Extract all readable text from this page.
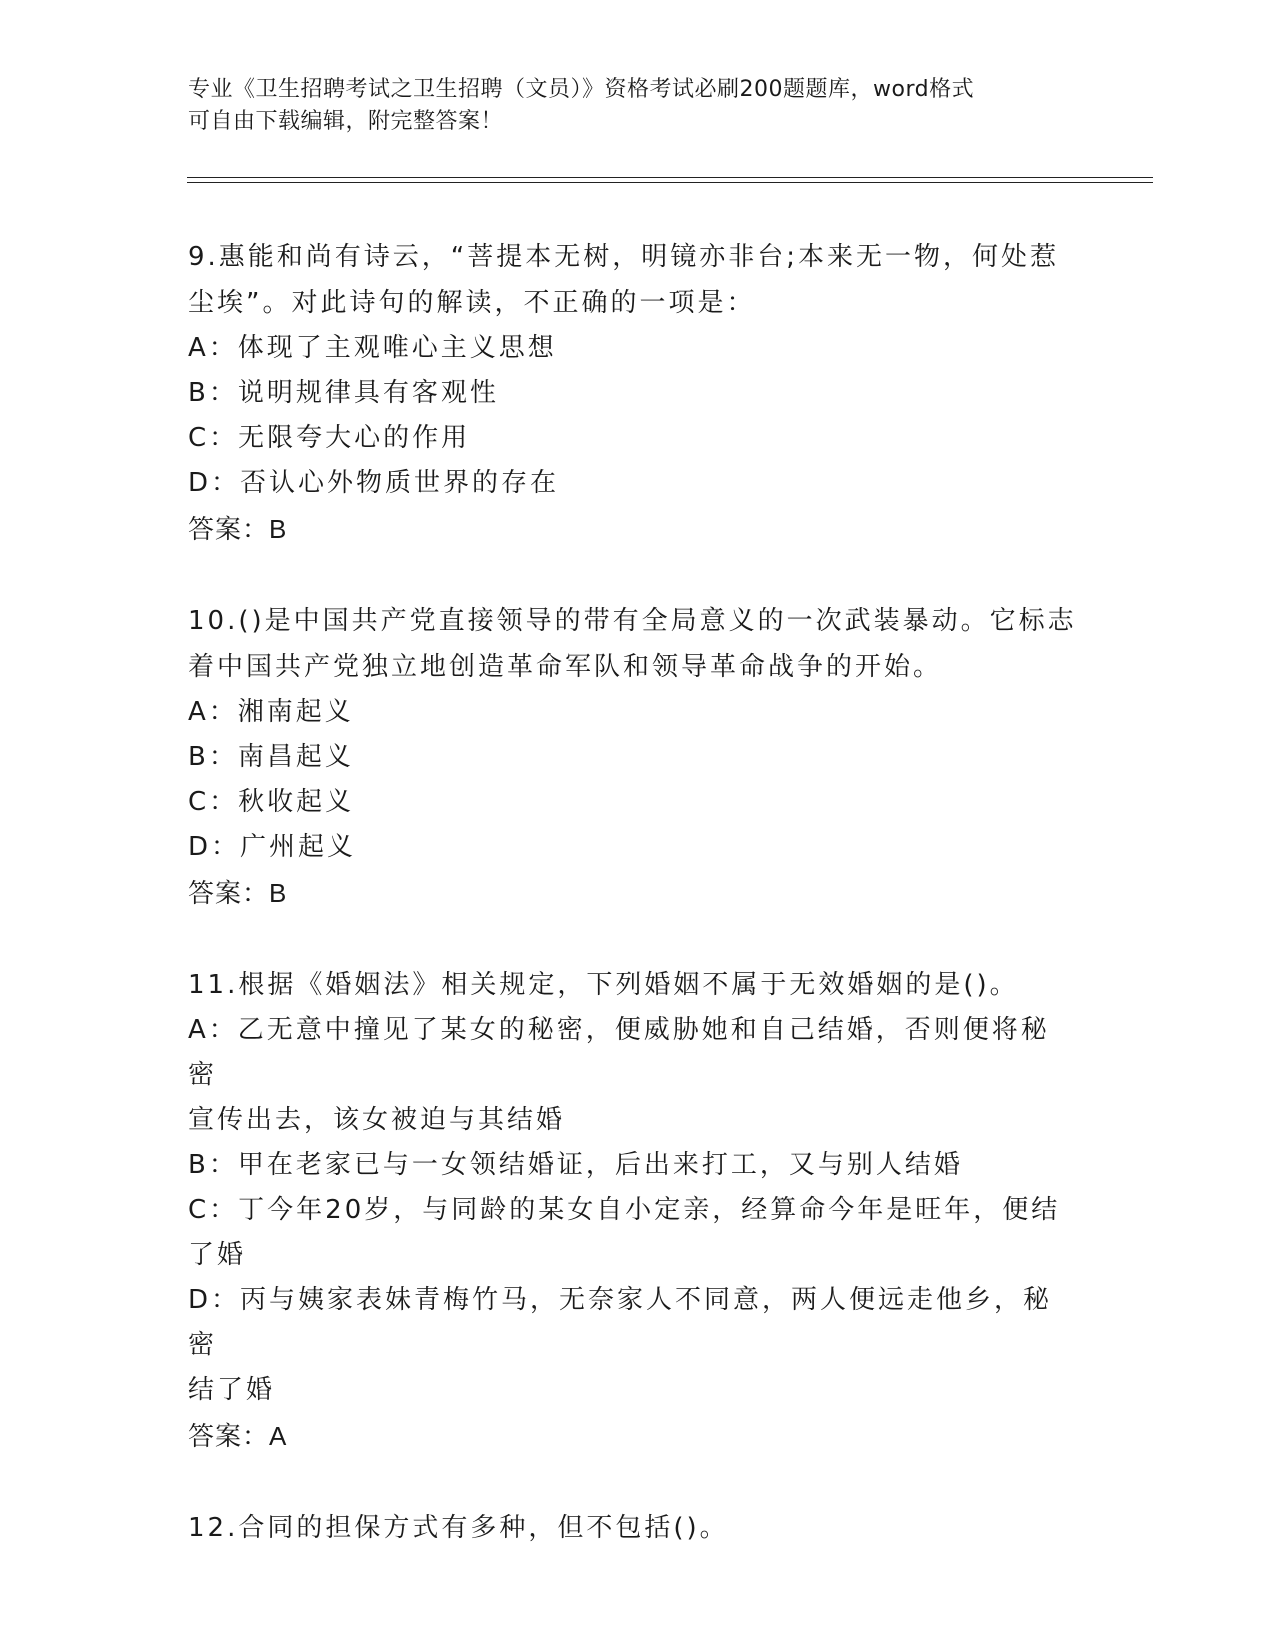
专业《卫生招聘考试之卫生招聘（文员）》资格考试必刷200题题库，word格式

可自由下载编辑，附完整答案！

9.惠能和尚有诗云，“菩提本无树，明镜亦非台;本来无一物，何处惹

尘埃”。对此诗句的解读，不正确的一项是：

A：体现了主观唯心主义思想

B：说明规律具有客观性

C：无限夸大心的作用

D：否认心外物质世界的存在

答案：B

10.()是中国共产党直接领导的带有全局意义的一次武装暴动。它标志

着中国共产党独立地创造革命军队和领导革命战争的开始。

A：湘南起义

B：南昌起义

C：秋收起义

D：广州起义

答案：B

11.根据《婚姻法》相关规定，下列婚姻不属于无效婚姻的是()。

A：乙无意中撞见了某女的秘密，便威胁她和自己结婚，否则便将秘密

宣传出去，该女被迫与其结婚

B：甲在老家已与一女领结婚证，后出来打工，又与别人结婚

C：丁今年20岁，与同龄的某女自小定亲，经算命今年是旺年，便结

了婚

D：丙与姨家表妹青梅竹马，无奈家人不同意，两人便远走他乡，秘密

结了婚

答案：A

12.合同的担保方式有多种，但不包括()。
